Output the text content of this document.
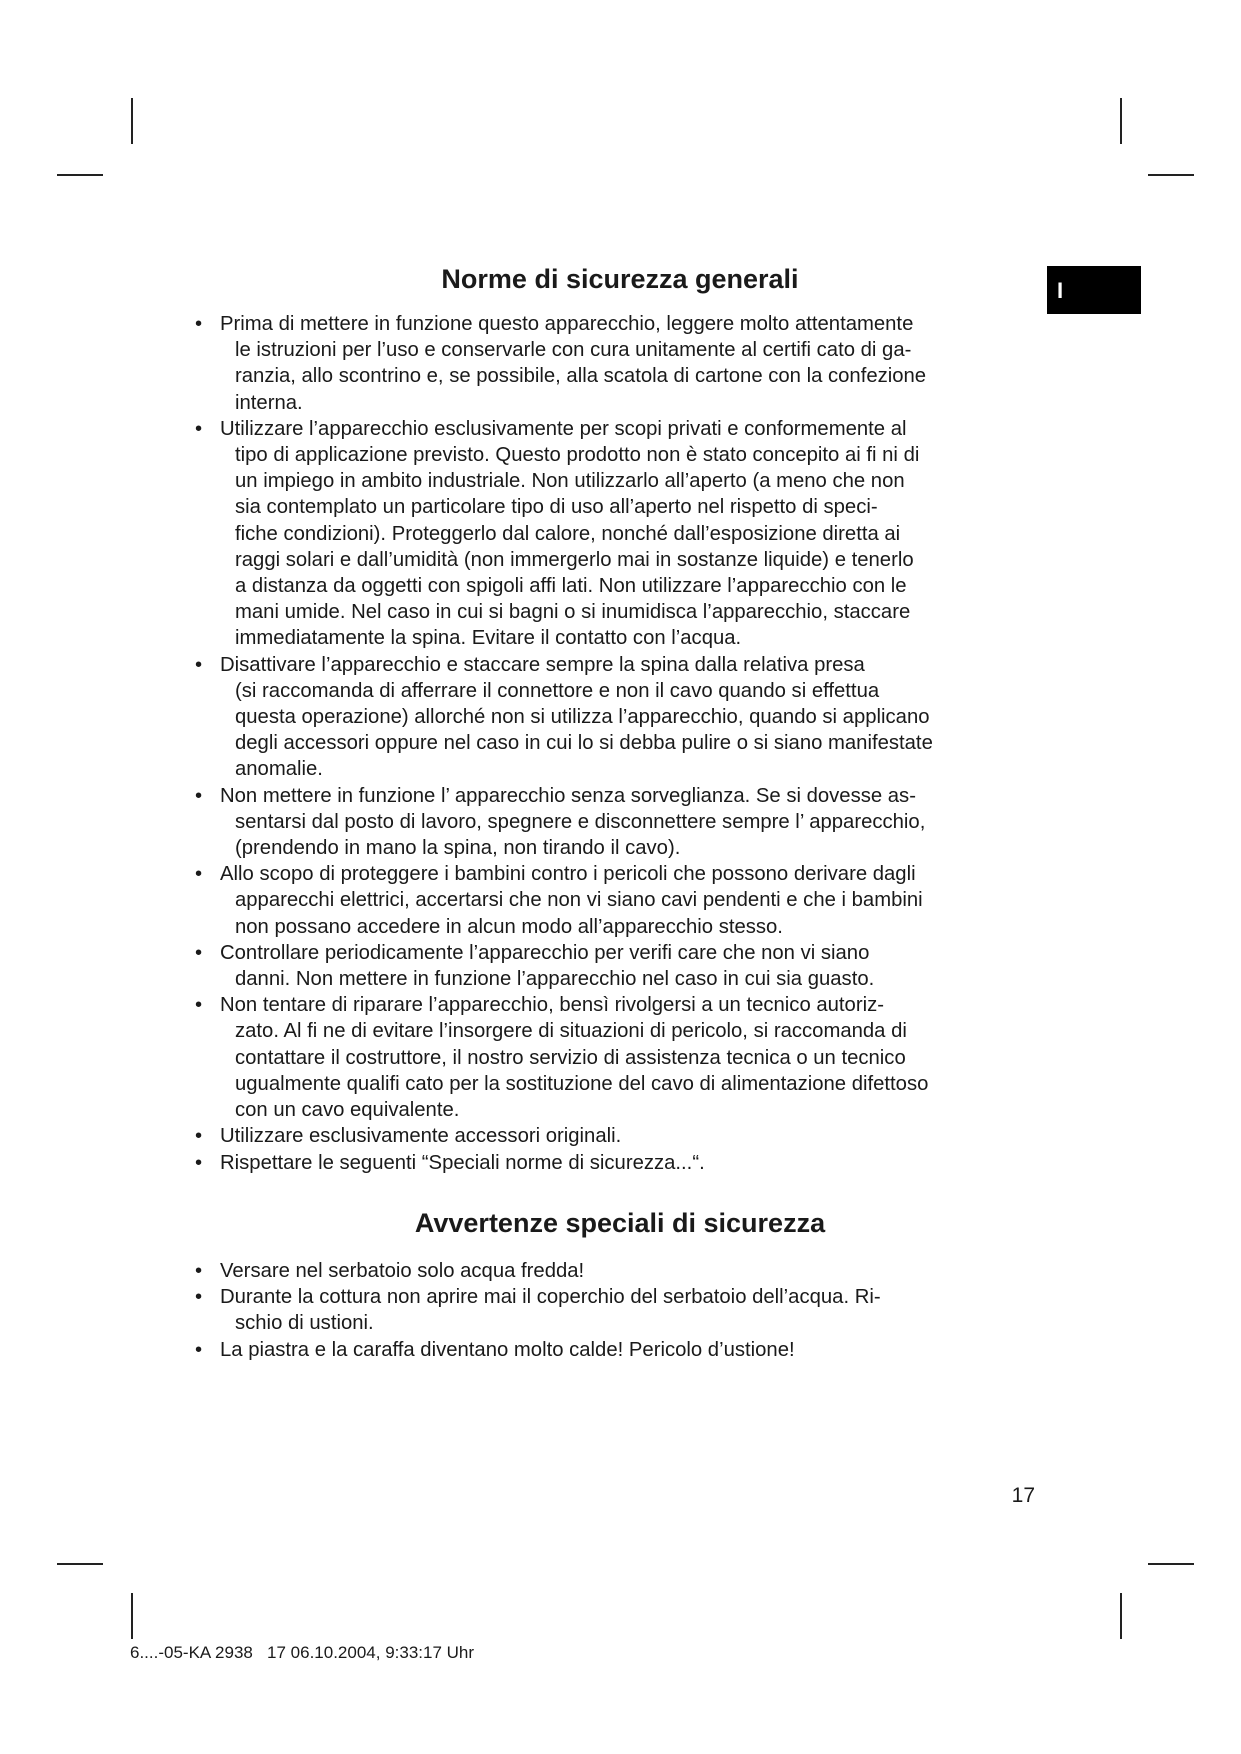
I
Norme di sicurezza generali
• Prima di mettere in funzione questo apparecchio, leggere molto attentamente
le istruzioni per l’uso e conservarle con cura unitamente al certifi cato di ga-
ranzia, allo scontrino e, se possibile, alla scatola di cartone con la confezione
interna.
• Utilizzare l’apparecchio esclusivamente per scopi privati e conformemente al
tipo di applicazione previsto. Questo prodotto non è stato concepito ai fi ni di
un impiego in ambito industriale. Non utilizzarlo all’aperto (a meno che non
sia contemplato un particolare tipo di uso all’aperto nel rispetto di speci-
fiche condizioni). Proteggerlo dal calore, nonché dall’esposizione diretta ai
raggi solari e dall’umidità (non immergerlo mai in sostanze liquide) e tenerlo
a distanza da oggetti con spigoli affi lati. Non utilizzare l’apparecchio con le
mani umide. Nel caso in cui si bagni o si inumidisca l’apparecchio, staccare
immediatamente la spina. Evitare il contatto con l’acqua.
• Disattivare l’apparecchio e staccare sempre la spina dalla relativa presa
(si raccomanda di afferrare il connettore e non il cavo quando si effettua
questa operazione) allorché non si utilizza l’apparecchio, quando si applicano
degli accessori oppure nel caso in cui lo si debba pulire o si siano manifestate
anomalie.
• Non mettere in funzione l’ apparecchio senza sorveglianza. Se si dovesse as-
sentarsi dal posto di lavoro, spegnere e disconnettere sempre l’ apparecchio,
(prendendo in mano la spina, non tirando il cavo).
• Allo scopo di proteggere i bambini contro i pericoli che possono derivare dagli
apparecchi elettrici, accertarsi che non vi siano cavi pendenti e che i bambini
non possano accedere in alcun modo all’apparecchio stesso.
• Controllare periodicamente l’apparecchio per verifi care che non vi siano
danni. Non mettere in funzione l’apparecchio nel caso in cui sia guasto.
• Non tentare di riparare l’apparecchio, bensì rivolgersi a un tecnico autoriz-
zato. Al fi ne di evitare l’insorgere di situazioni di pericolo, si raccomanda di
contattare il costruttore, il nostro servizio di assistenza tecnica o un tecnico
ugualmente qualifi cato per la sostituzione del cavo di alimentazione difettoso
con un cavo equivalente.
• Utilizzare esclusivamente accessori originali.
• Rispettare le seguenti “Speciali norme di sicurezza...“.
Avvertenze speciali di sicurezza
• Versare nel serbatoio solo acqua fredda!
• Durante la cottura non aprire mai il coperchio del serbatoio dell’acqua. Ri-
schio di ustioni.
• La piastra e la caraffa diventano molto calde! Pericolo d’ustione!
17
6....-05-KA 2938   17 06.10.2004, 9:33:17 Uhr
